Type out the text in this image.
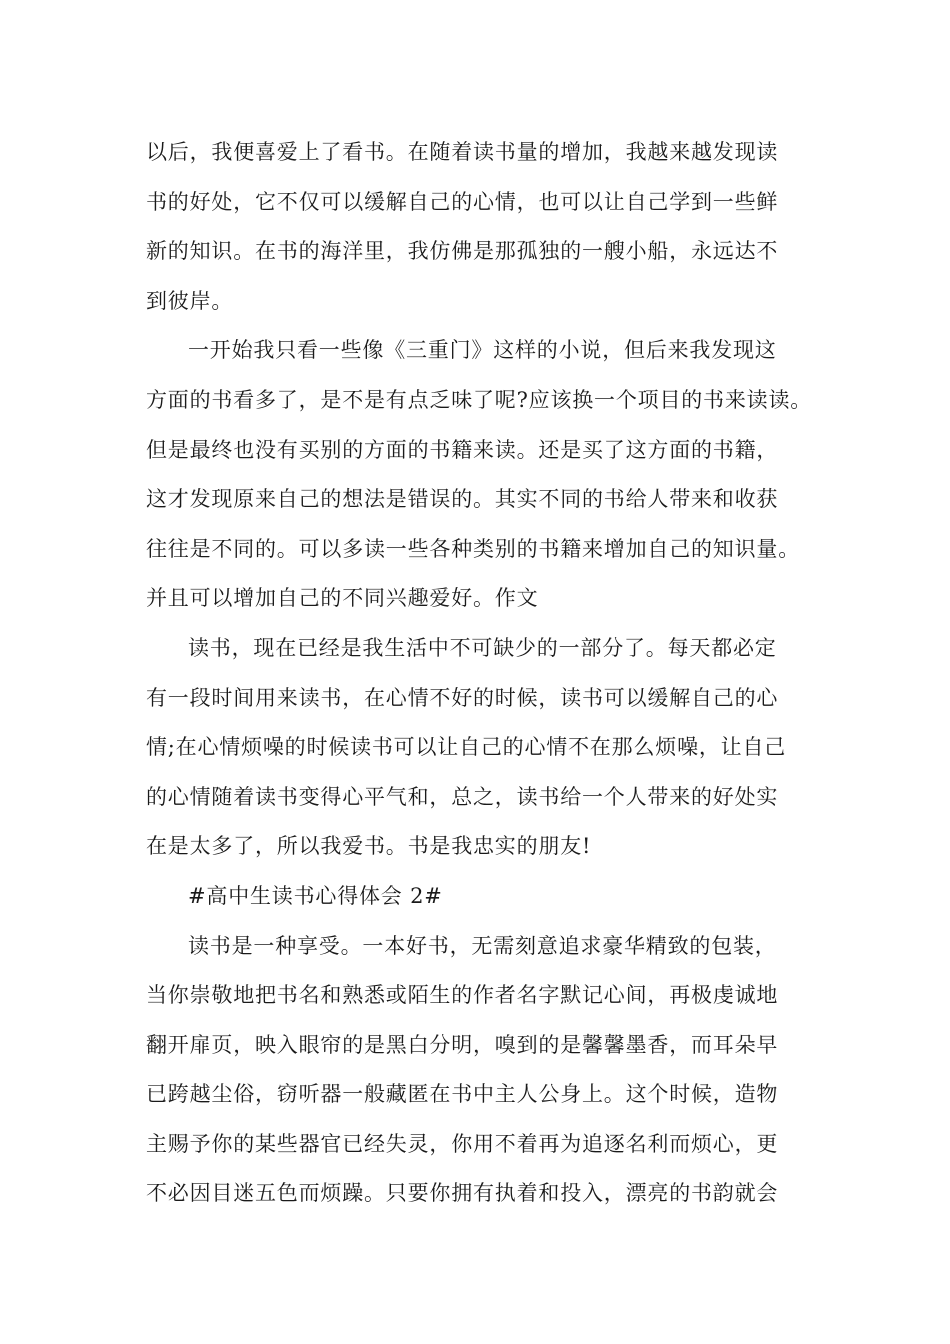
以后，我便喜爱上了看书。在随着读书量的增加，我越来越发现读
书的好处，它不仅可以缓解自己的心情，也可以让自己学到一些鲜
新的知识。在书的海洋里，我仿佛是那孤独的一艘小船，永远达不
到彼岸。
一开始我只看一些像《三重门》这样的小说，但后来我发现这
方面的书看多了，是不是有点乏味了呢?应该换一个项目的书来读读。
但是最终也没有买别的方面的书籍来读。还是买了这方面的书籍，
这才发现原来自己的想法是错误的。其实不同的书给人带来和收获
往往是不同的。可以多读一些各种类别的书籍来增加自己的知识量。
并且可以增加自己的不同兴趣爱好。作文
读书，现在已经是我生活中不可缺少的一部分了。每天都必定
有一段时间用来读书，在心情不好的时候，读书可以缓解自己的心
情;在心情烦噪的时候读书可以让自己的心情不在那么烦噪，让自己
的心情随着读书变得心平气和，总之，读书给一个人带来的好处实
在是太多了，所以我爱书。书是我忠实的朋友!
#高中生读书心得体会 2#
读书是一种享受。一本好书，无需刻意追求豪华精致的包装，
当你崇敬地把书名和熟悉或陌生的作者名字默记心间，再极虔诚地
翻开扉页，映入眼帘的是黑白分明，嗅到的是馨馨墨香，而耳朵早
已跨越尘俗，窃听器一般藏匿在书中主人公身上。这个时候，造物
主赐予你的某些器官已经失灵，你用不着再为追逐名利而烦心，更
不必因目迷五色而烦躁。只要你拥有执着和投入，漂亮的书韵就会
